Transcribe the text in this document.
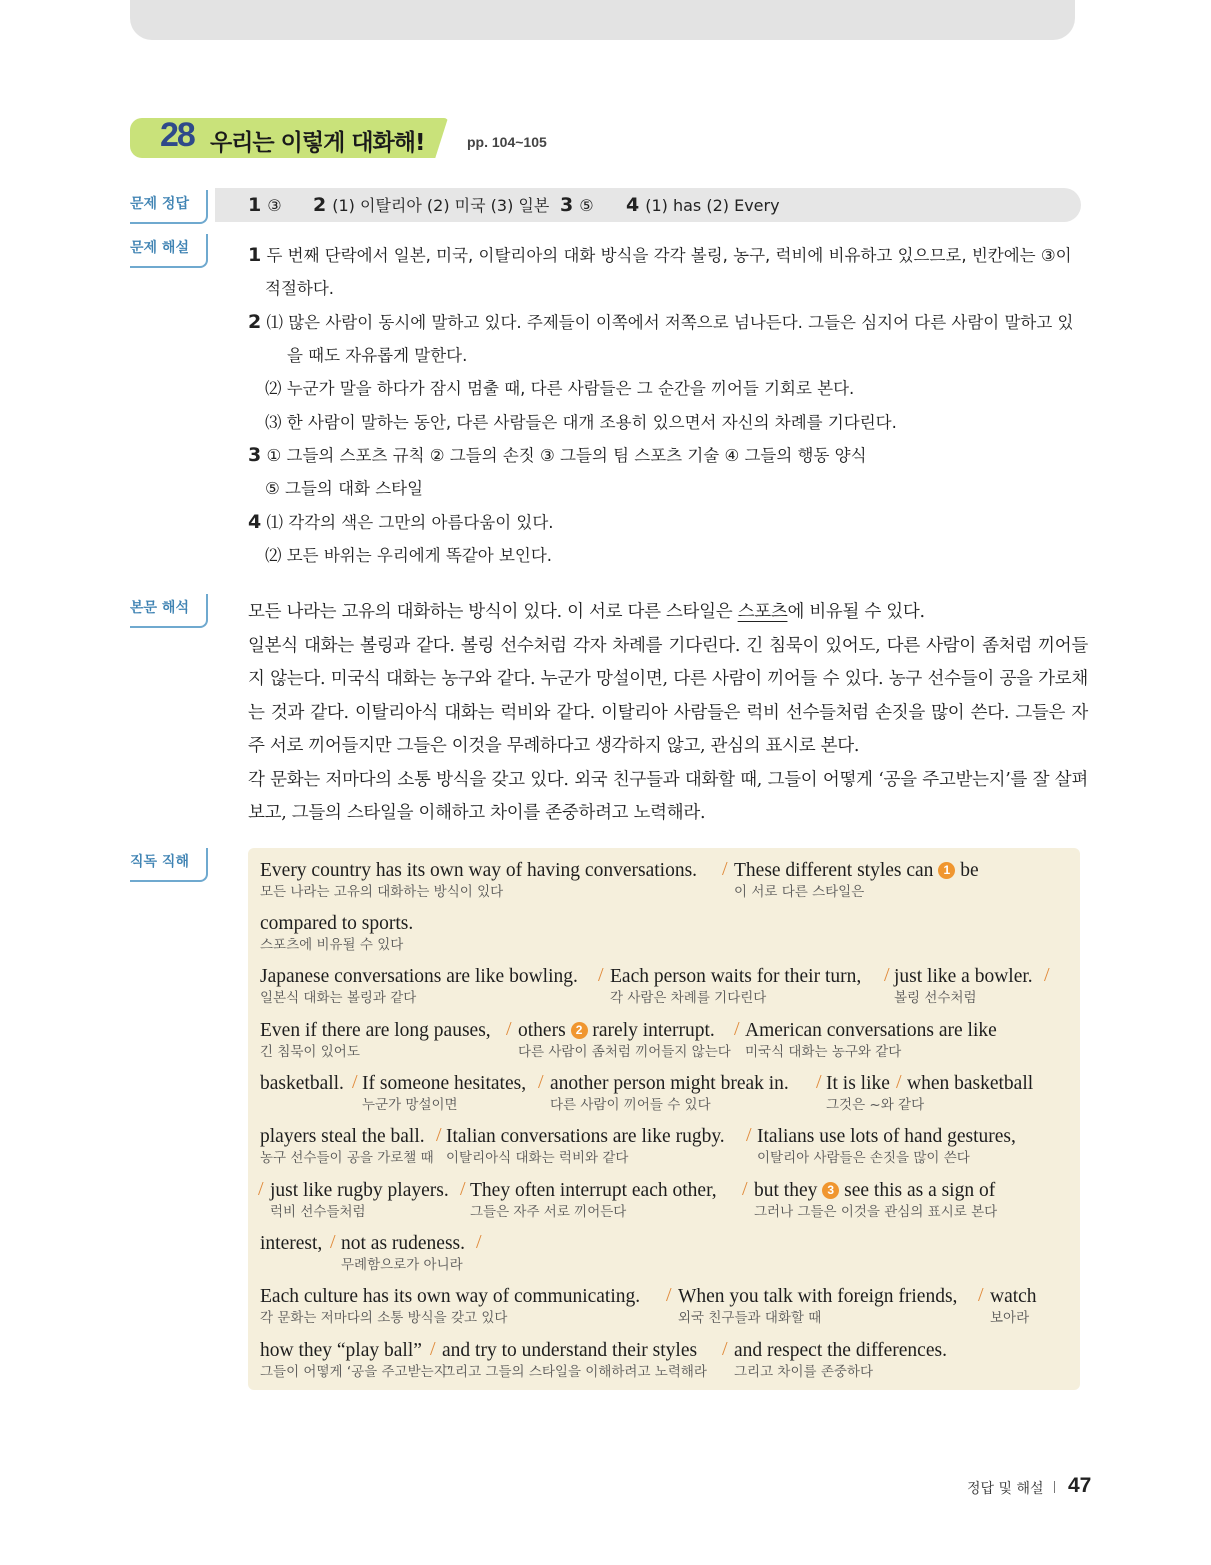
28 우리는 이렇게 대화해!	pp. 104~105
문제 정답	1 ③ 2 (1) 이탈리아 (2) 미국 (3) 일본 3 ⑤ 4 (1) has (2) Every
문제 해설	1 두 번째 단락에서 일본, 미국, 이탈리아의 대화 방식을 각각 볼링, 농구, 럭비에 비유하고 있으므로, 빈칸에는 ③이
적절하다.
2 ⑴ 많은 사람이 동시에 말하고 있다. 주제들이 이쪽에서 저쪽으로 넘나든다. 그들은 심지어 다른 사람이 말하고 있
을 때도 자유롭게 말한다.
⑵ 누군가 말을 하다가 잠시 멈출 때, 다른 사람들은 그 순간을 끼어들 기회로 본다.
⑶ 한 사람이 말하는 동안, 다른 사람들은 대개 조용히 있으면서 자신의 차례를 기다린다.
3 ① 그들의 스포츠 규칙 ② 그들의 손짓 ③ 그들의 팀 스포츠 기술 ④ 그들의 행동 양식
⑤ 그들의 대화 스타일
4 ⑴ 각각의 색은 그만의 아름다움이 있다.
⑵ 모든 바위는 우리에게 똑같아 보인다.
본문 해석	모든 나라는 고유의 대화하는 방식이 있다. 이 서로 다른 스타일은 스포츠에 비유될 수 있다.

일본식 대화는 볼링과 같다. 볼링 선수처럼 각자 차례를 기다린다. 긴 침묵이 있어도, 다른 사람이 좀처럼 끼어들지 않는다. 미국식 대화는 농구와 같다. 누군가 망설이면, 다른 사람이 끼어들 수 있다. 농구 선수들이 공을 가로채는 것과 같다. 이탈리아식 대화는 럭비와 같다. 이탈리아 사람들은 럭비 선수들처럼 손짓을 많이 쓴다. 그들은 자주 서로 끼어들지만 그들은 이것을 무례하다고 생각하지 않고, 관심의 표시로 본다.

각 문화는 저마다의 소통 방식을 갖고 있다. 외국 친구들과 대화할 때, 그들이 어떻게 ‘공을 주고받는지’를 잘 살펴보고, 그들의 스타일을 이해하고 차이를 존중하려고 노력해라.

직독 직해	Every country has its own way of having conversations.
모든 나라는 고유의 대화하는 방식이 있다
/ These different styles can 1 be
이 서로 다른 스타일은
compared to sports.
스포츠에 비유될 수 있다
Japanese conversations are like bowling.
일본식 대화는 볼링과 같다
/ Each person waits for their turn,
각 사람은 차례를 기다린다
/ just like a bowler.
볼링 선수처럼
/
Even if there are long pauses,
긴 침묵이 있어도
/ others 2 rarely interrupt.
다른 사람이 좀처럼 끼어들지 않는다
/ American conversations are like
미국식 대화는 농구와 같다
basketball. / If someone hesitates,
누군가 망설이면
/ another person might break in.
다른 사람이 끼어들 수 있다
/ It is like
그것은 ~와 같다
/ when basketball
players steal the ball.
농구 선수들이 공을 가로챌 때
/ Italian conversations are like rugby.
이탈리아식 대화는 럭비와 같다
/ Italians use lots of hand gestures,
이탈리아 사람들은 손짓을 많이 쓴다
/ just like rugby players.
럭비 선수들처럼
/ They often interrupt each other,
그들은 자주 서로 끼어든다
/ but they 3 see this as a sign of
그러나 그들은 이것을 관심의 표시로 본다
interest, / not as rudeness.
무례함으로가 아니라
/
Each culture has its own way of communicating.
각 문화는 저마다의 소통 방식을 갖고 있다
/ When you talk with foreign friends,
외국 친구들과 대화할 때
/ watch
보아라
how they “play ball”
그들이 어떻게 ‘공을 주고받는지’
/ and try to understand their styles
그리고 그들의 스타일을 이해하려고 노력해라
/ and respect the differences.
그리고 차이를 존중하다
정답 및 해설 47
